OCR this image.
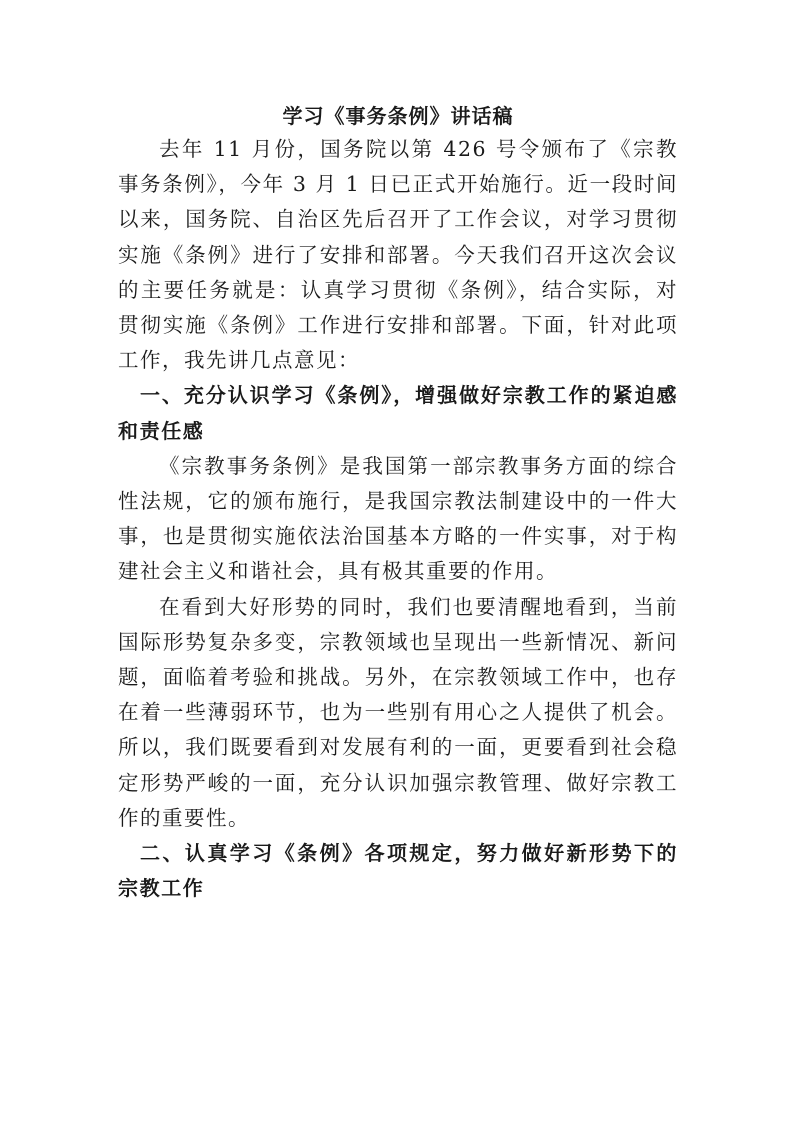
学习《事务条例》讲话稿

去年 11 月份，国务院以第 426 号令颁布了《宗教事务条例》，今年 3 月 1 日已正式开始施行。近一段时间以来，国务院、自治区先后召开了工作会议，对学习贯彻实施《条例》进行了安排和部署。今天我们召开这次会议的主要任务就是：认真学习贯彻《条例》，结合实际，对贯彻实施《条例》工作进行安排和部署。下面，针对此项工作，我先讲几点意见：

一、充分认识学习《条例》，增强做好宗教工作的紧迫感和责任感

《宗教事务条例》是我国第一部宗教事务方面的综合性法规，它的颁布施行，是我国宗教法制建设中的一件大事，也是贯彻实施依法治国基本方略的一件实事，对于构建社会主义和谐社会，具有极其重要的作用。

在看到大好形势的同时，我们也要清醒地看到，当前国际形势复杂多变，宗教领域也呈现出一些新情况、新问题，面临着考验和挑战。另外，在宗教领域工作中，也存在着一些薄弱环节，也为一些别有用心之人提供了机会。所以，我们既要看到对发展有利的一面，更要看到社会稳定形势严峻的一面，充分认识加强宗教管理、做好宗教工作的重要性。

二、认真学习《条例》各项规定，努力做好新形势下的宗教工作
